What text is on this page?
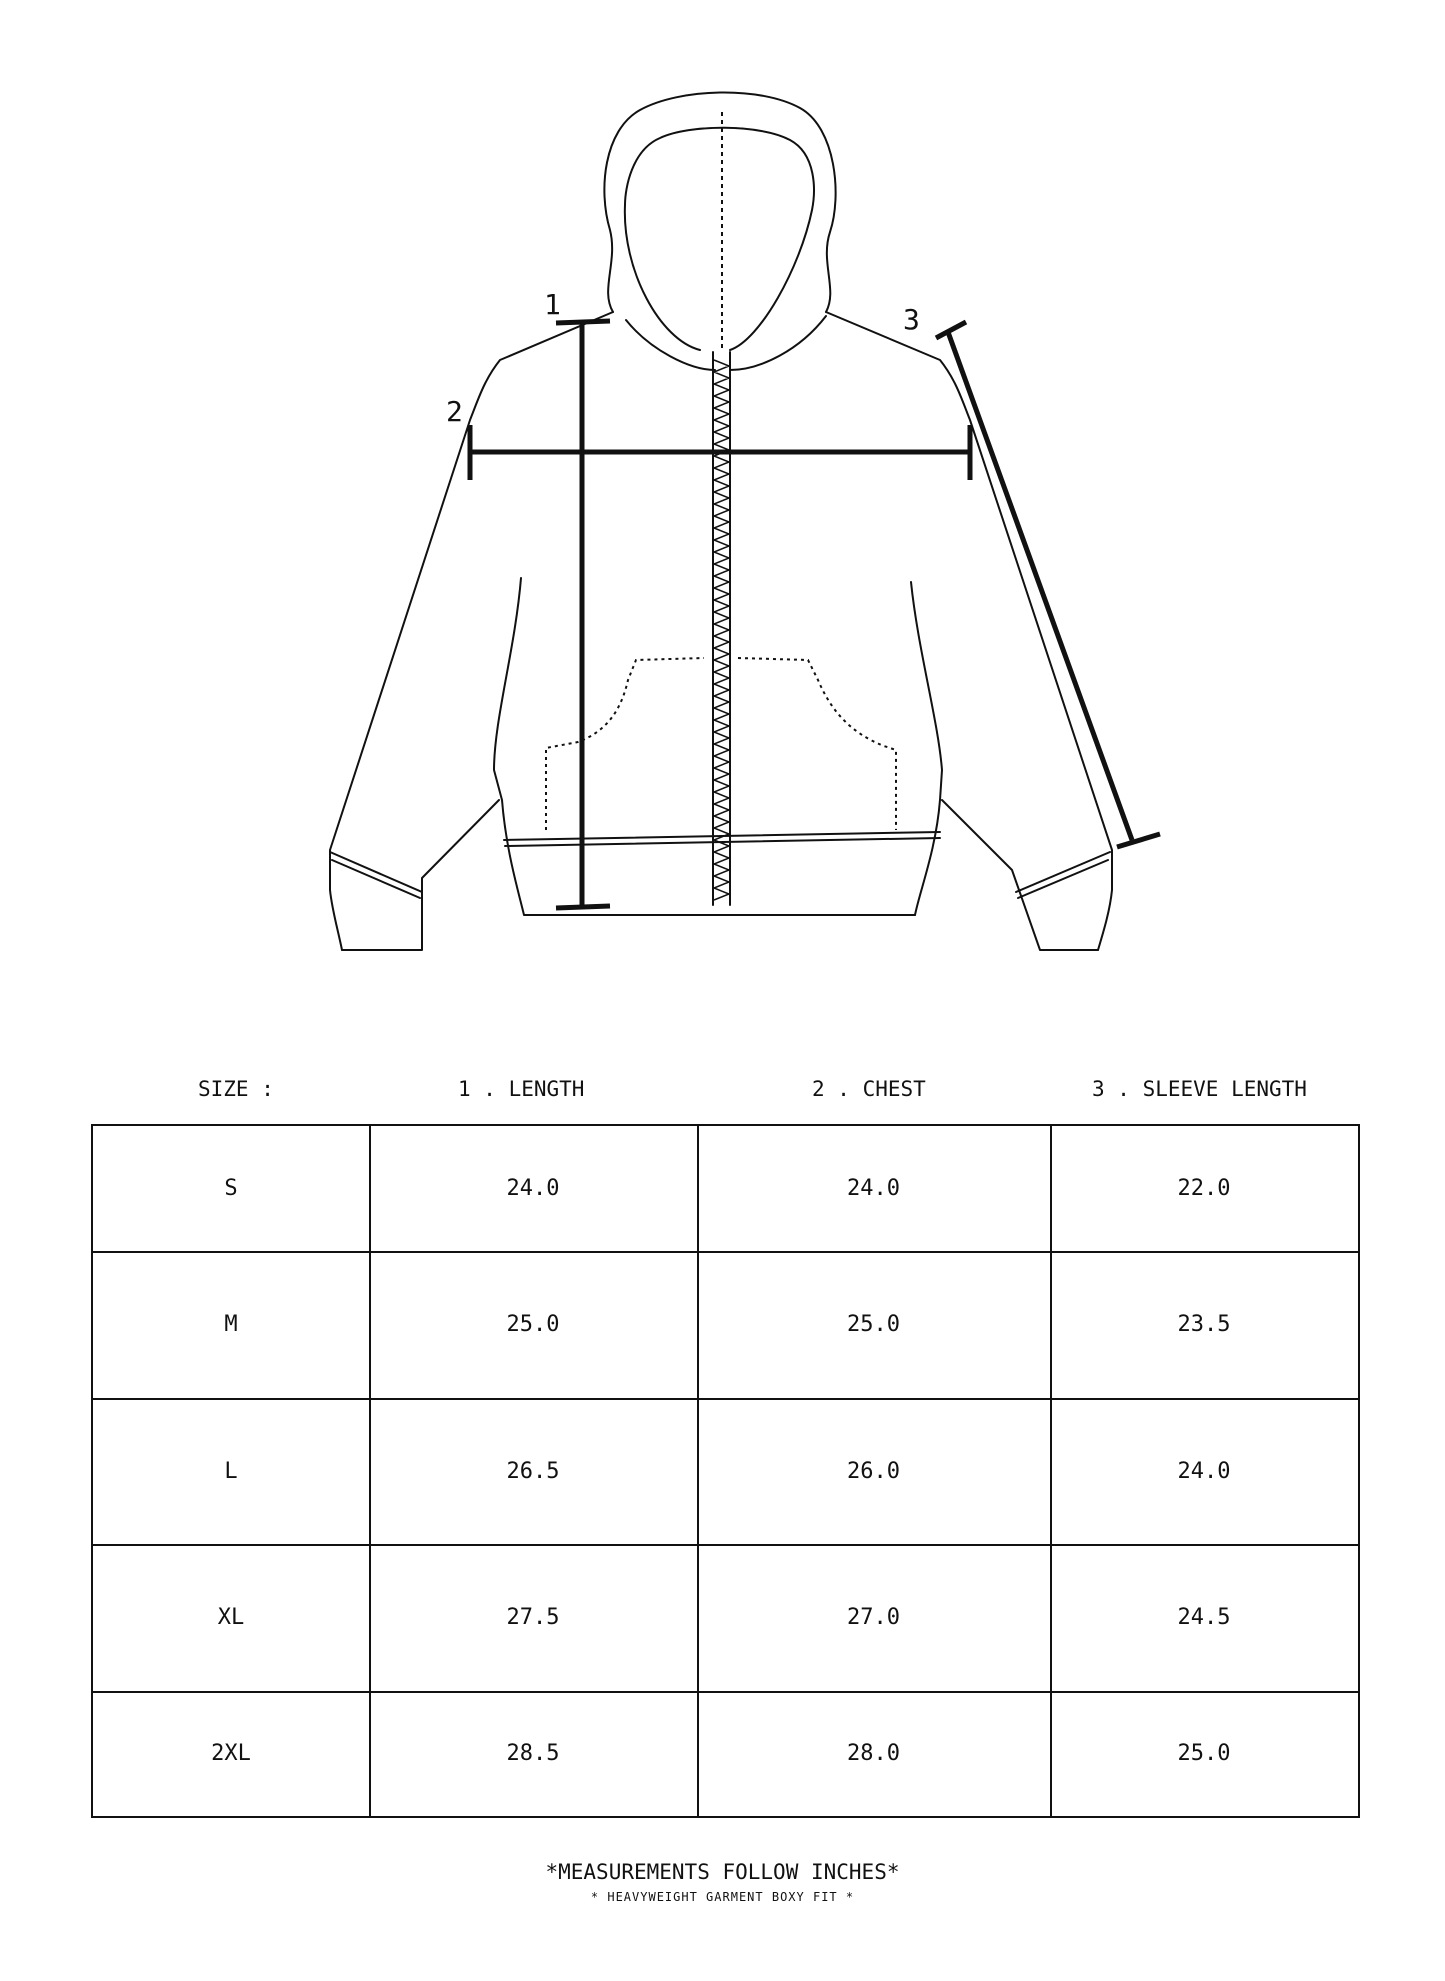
1
2
3
SIZE :	1 . LENGTH	2 . CHEST	3 . SLEEVE LENGTH
S	24.0	24.0	22.0
M	25.0	25.0	23.5
L	26.5	26.0	24.0
XL	27.5	27.0	24.5
2XL	28.5	28.0	25.0
*MEASUREMENTS FOLLOW INCHES*
* HEAVYWEIGHT GARMENT BOXY FIT *
